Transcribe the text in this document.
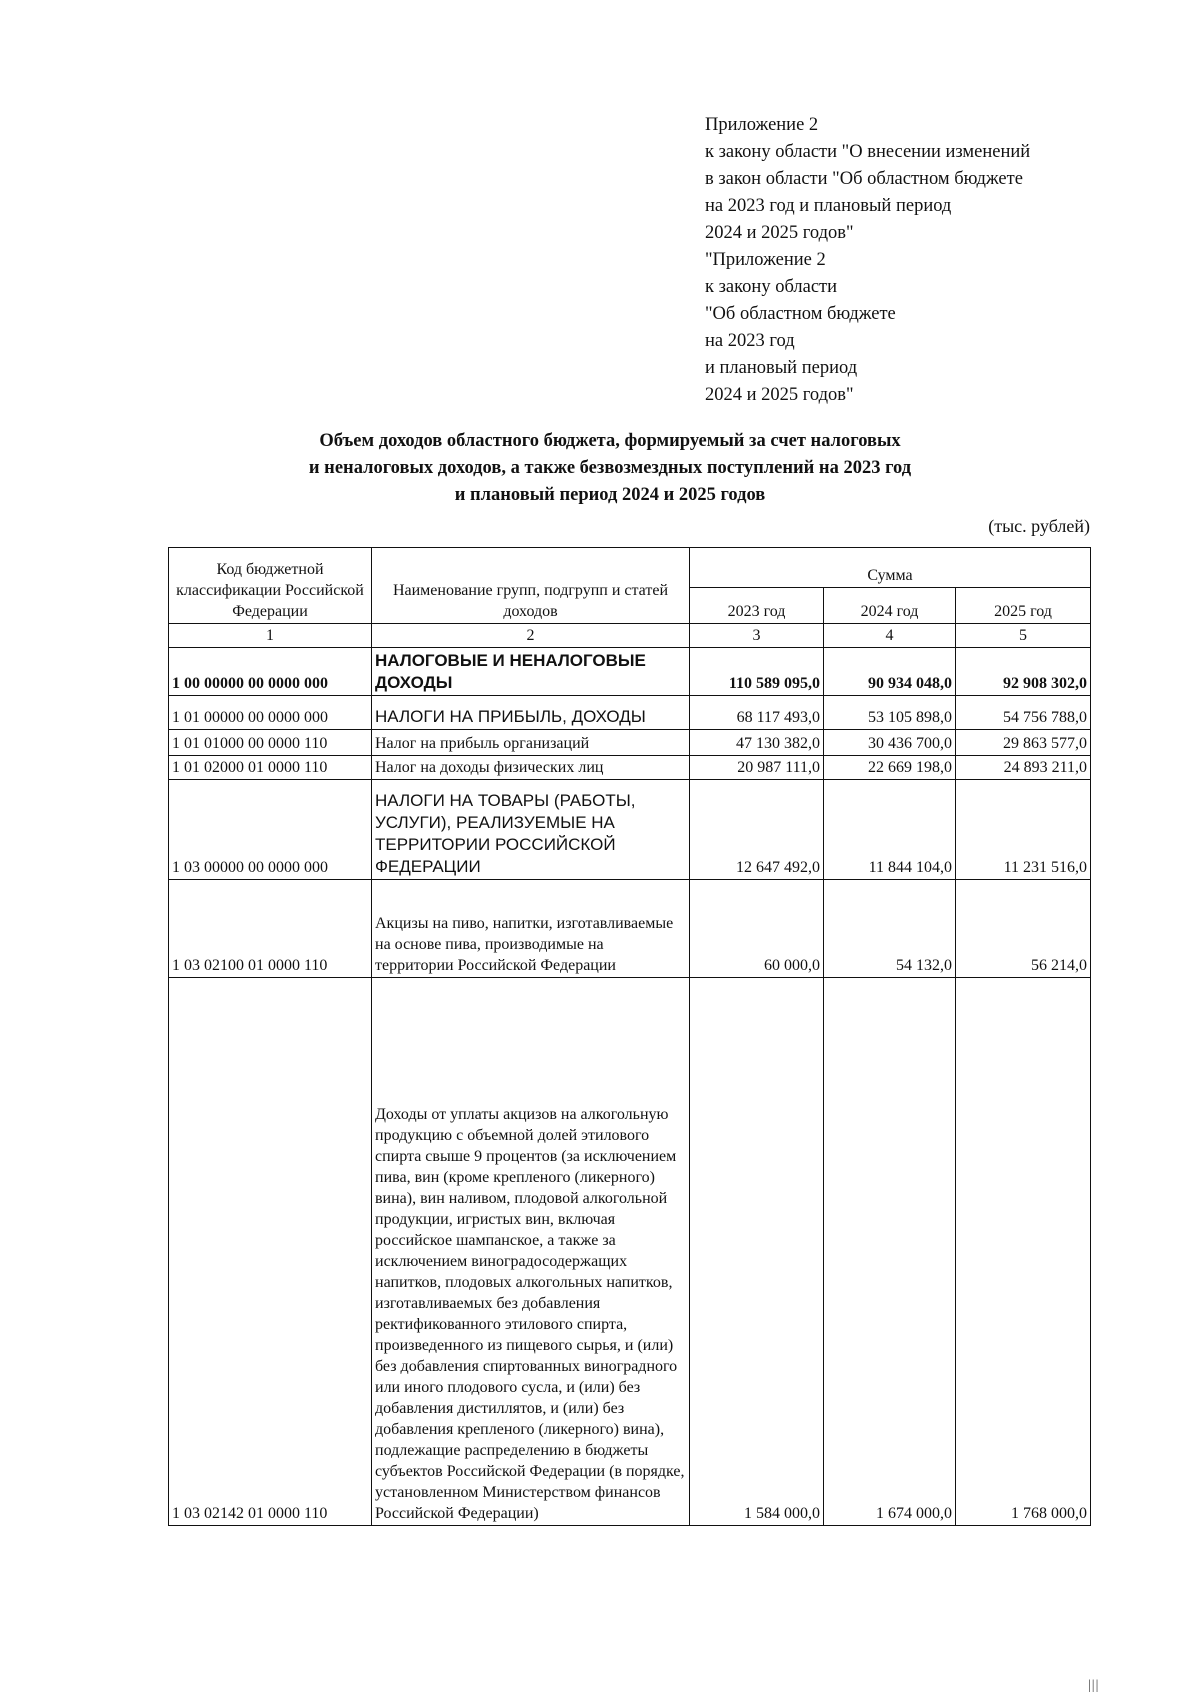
Приложение 2
к закону области "О внесении изменений
в закон области "Об областном бюджете
на 2023 год и плановый период
2024 и 2025 годов"
"Приложение 2
к закону области
"Об областном бюджете
на 2023 год
и плановый период
2024 и 2025 годов"
Объем доходов областного бюджета, формируемый за счет налоговых
и неналоговых доходов, а также безвозмездных поступлений на 2023 год
и плановый период 2024 и 2025 годов
(тыс. рублей)
Код бюджетной классификации Российской Федерации	Наименование групп, подгрупп и статей доходов	Сумма		
		2023 год	2024 год	2025 год
1	2	3	4	5
1 00 00000 00 0000 000	НАЛОГОВЫЕ И НЕНАЛОГОВЫЕ ДОХОДЫ	110 589 095,0	90 934 048,0	92 908 302,0
1 01 00000 00 0000 000	НАЛОГИ НА ПРИБЫЛЬ, ДОХОДЫ	68 117 493,0	53 105 898,0	54 756 788,0
1 01 01000 00 0000 110	Налог на прибыль организаций	47 130 382,0	30 436 700,0	29 863 577,0
1 01 02000 01 0000 110	Налог на доходы физических лиц	20 987 111,0	22 669 198,0	24 893 211,0
1 03 00000 00 0000 000	НАЛОГИ НА ТОВАРЫ (РАБОТЫ, УСЛУГИ), РЕАЛИЗУЕМЫЕ НА ТЕРРИТОРИИ РОССИЙСКОЙ ФЕДЕРАЦИИ	12 647 492,0	11 844 104,0	11 231 516,0
1 03 02100 01 0000 110	Акцизы на пиво, напитки, изготавливаемые на основе пива, производимые на территории Российской Федерации	60 000,0	54 132,0	56 214,0
1 03 02142 01 0000 110	Доходы от уплаты акцизов на алкогольную продукцию с объемной долей этилового спирта свыше 9 процентов (за исключением пива, вин (кроме крепленого (ликерного) вина), вин наливом, плодовой алкогольной продукции, игристых вин, включая российское шампанское, а также за исключением виноградосодержащих напитков, плодовых алкогольных напитков, изготавливаемых без добавления ректификованного этилового спирта, произведенного из пищевого сырья, и (или) без добавления спиртованных виноградного или иного плодового сусла, и (или) без добавления дистиллятов, и (или) без добавления крепленого (ликерного) вина), подлежащие распределению в бюджеты субъектов Российской Федерации (в порядке, установленном Министерством финансов Российской Федерации)	1 584 000,0	1 674 000,0	1 768 000,0
|||
